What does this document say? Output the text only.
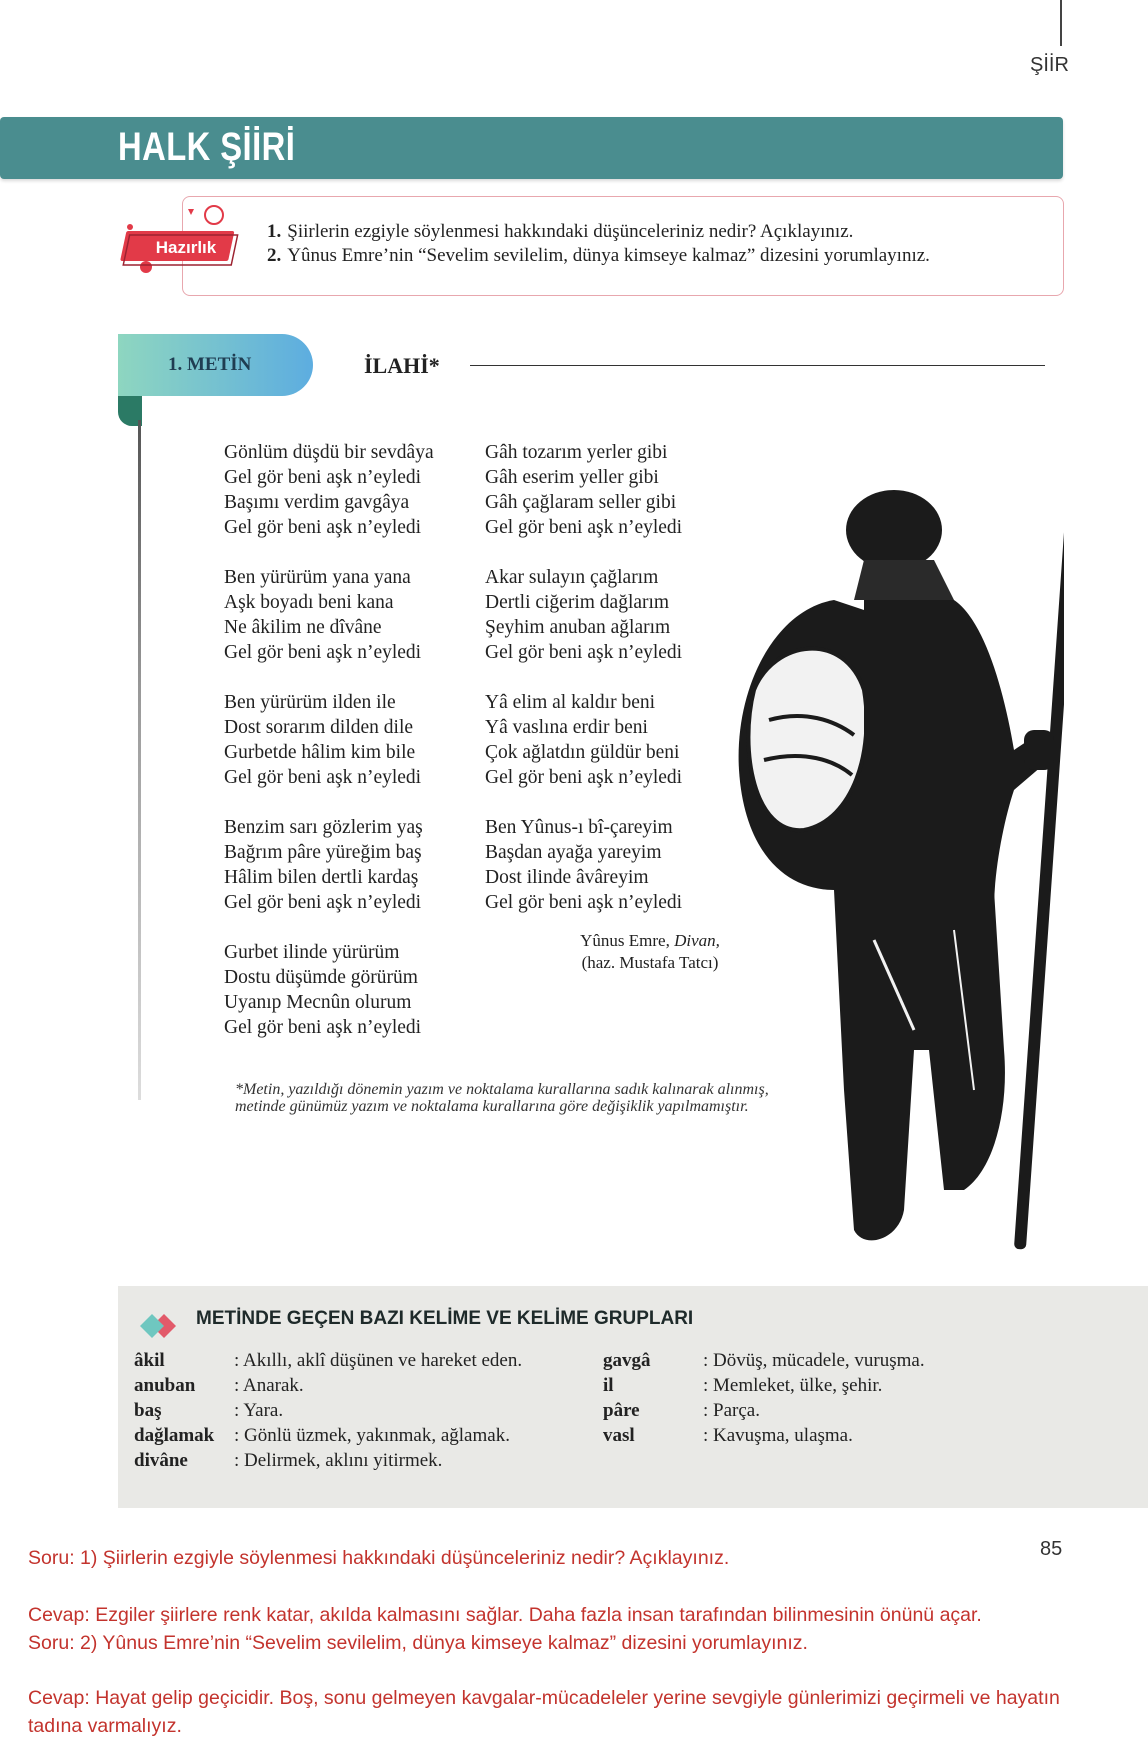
ŞİİR
HALK ŞİİRİ
1. Şiirlerin ezgiyle söylenmesi hakkındaki düşünceleriniz nedir? Açıklayınız.
2. Yûnus Emre’nin “Sevelim sevilelim, dünya kimseye kalmaz” dizesini yorumlayınız.
Hazırlık
1. METİN	İLAHİ*
Gönlüm düşdü bir sevdâya
Gel gör beni aşk n’eyledi
Başımı verdim gavgâya
Gel gör beni aşk n’eyledi
Ben yürürüm yana yana
Aşk boyadı beni kana
Ne âkilim ne dîvâne
Gel gör beni aşk n’eyledi
Ben yürürüm ilden ile
Dost sorarım dilden dile
Gurbetde hâlim kim bile
Gel gör beni aşk n’eyledi
Benzim sarı gözlerim yaş
Bağrım pâre yüreğim baş
Hâlim bilen dertli kardaş
Gel gör beni aşk n’eyledi
Gurbet ilinde yürürüm
Dostu düşümde görürüm
Uyanıp Mecnûn olurum
Gel gör beni aşk n’eyledi
Gâh tozarım yerler gibi
Gâh eserim yeller gibi
Gâh çağlaram seller gibi
Gel gör beni aşk n’eyledi
Akar sulayın çağlarım
Dertli ciğerim dağlarım
Şeyhim anuban ağlarım
Gel gör beni aşk n’eyledi
Yâ elim al kaldır beni
Yâ vaslına erdir beni
Çok ağlatdın güldür beni
Gel gör beni aşk n’eyledi
Ben Yûnus-ı bî-çareyim
Başdan ayağa yareyim
Dost ilinde âvâreyim
Gel gör beni aşk n’eyledi
Yûnus Emre, Divan,
(haz. Mustafa Tatcı)
*Metin, yazıldığı dönemin yazım ve noktalama kurallarına sadık kalınarak alınmış, metinde günümüz yazım ve noktalama kurallarına göre değişiklik yapılmamıştır.
METİNDE GEÇEN BAZI KELİME VE KELİME GRUPLARI
âkil	: Akıllı, aklî düşünen ve hareket eden.
anuban	: Anarak.
baş	: Yara.
dağlamak	: Gönlü üzmek, yakınmak, ağlamak.
divâne	: Delirmek, aklını yitirmek.
gavgâ	: Dövüş, mücadele, vuruşma.
il	: Memleket, ülke, şehir.
pâre	: Parça.
vasl	: Kavuşma, ulaşma.
85
Soru: 1) Şiirlerin ezgiyle söylenmesi hakkındaki düşünceleriniz nedir? Açıklayınız.
Cevap: Ezgiler şiirlere renk katar, akılda kalmasını sağlar. Daha fazla insan tarafından bilinmesinin önünü açar.
Soru: 2) Yûnus Emre’nin “Sevelim sevilelim, dünya kimseye kalmaz” dizesini yorumlayınız.
Cevap: Hayat gelip geçicidir. Boş, sonu gelmeyen kavgalar-mücadeleler yerine sevgiyle günlerimizi geçirmeli ve hayatın
tadına varmalıyız.
